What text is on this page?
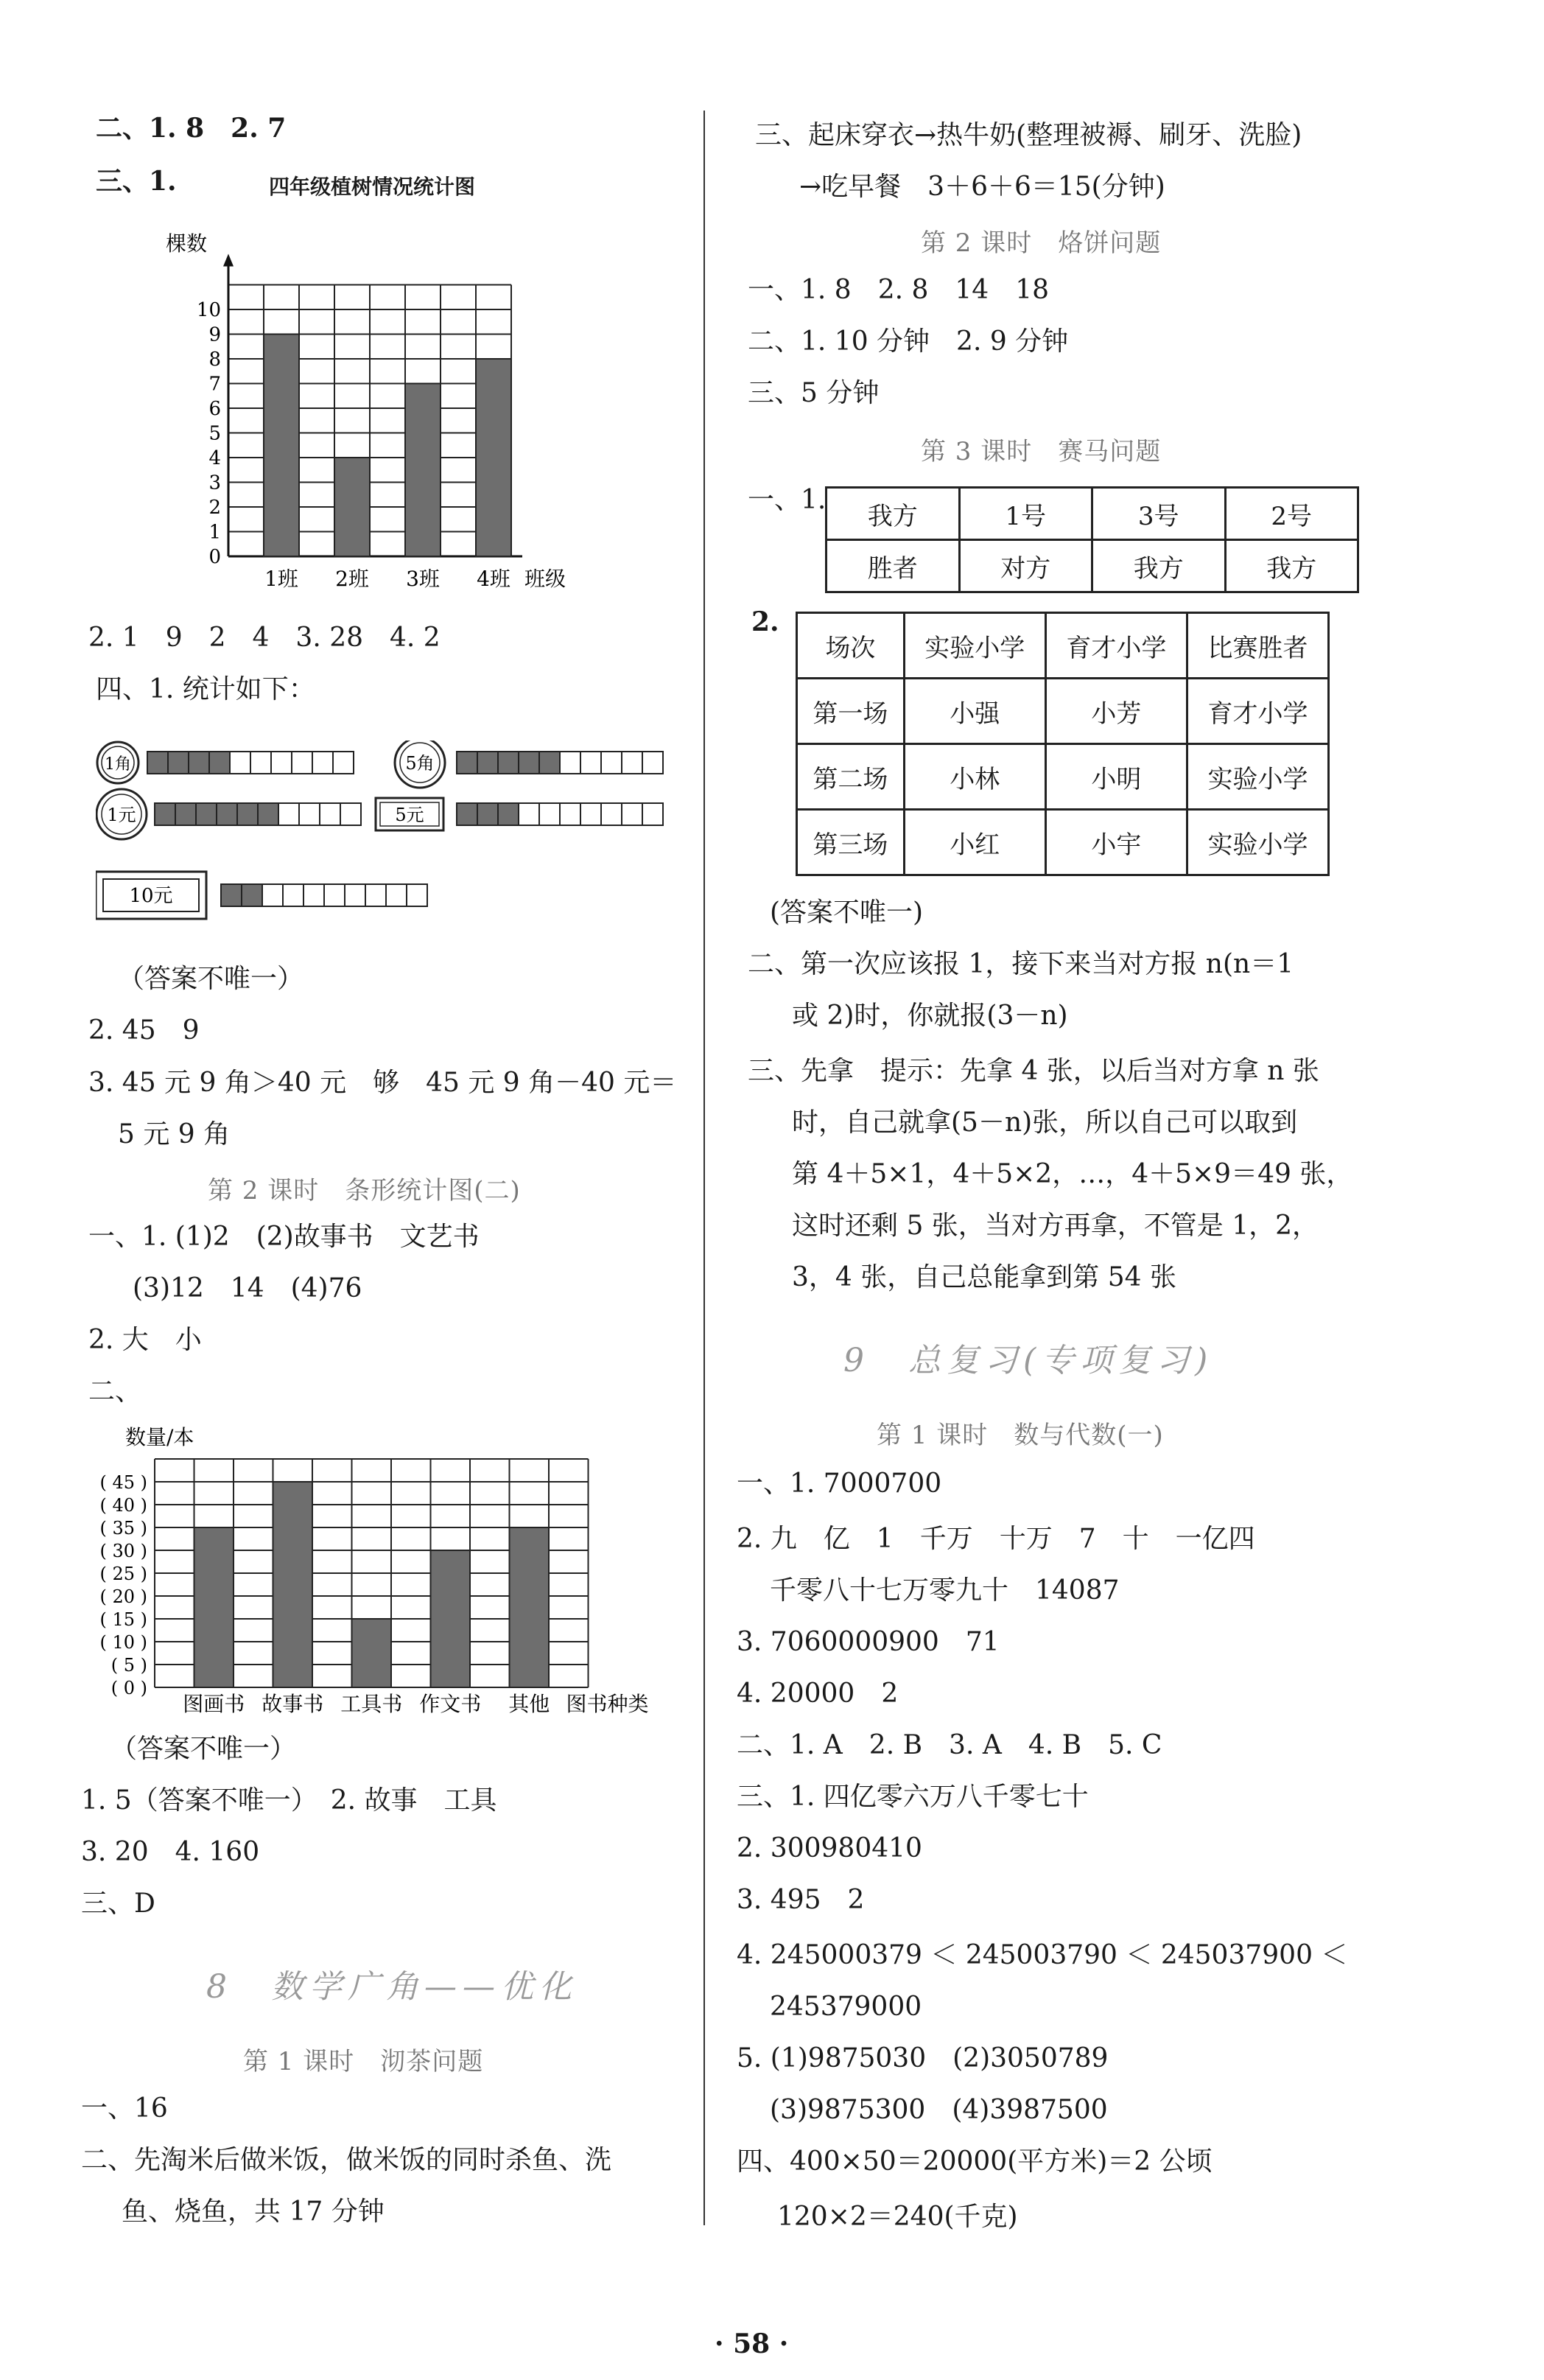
二、1. 8　2. 7
三、1.	四年级植树情况统计图
0
1
2
3
4
5
6
7
8
9
10
棵数
1班 2班 3班 4班 班级
2. 1　9　2　4　3. 28　4. 2
四、1. 统计如下：
1角	5角
1元	5元
10元
（答案不唯一）
2. 45　9
3. 45 元 9 角＞40 元　够　45 元 9 角－40 元＝
5 元 9 角
第 2 课时　条形统计图(二)
一、1. (1)2　(2)故事书　文艺书
(3)12　14　(4)76
2. 大　小
二、
数量/本
( 0 )
( 5 )
( 10 )
( 15 )
( 20 )
( 25 )
( 30 )
( 35 )
( 40 )
( 45 )
图画书 故事书 工具书 作文书 其他 图书种类
（答案不唯一）
1. 5（答案不唯一）　2. 故事　工具
3. 20　4. 160
三、D
8　数学广角——优化
第 1 课时　沏茶问题
一、16
二、先淘米后做米饭，做米饭的同时杀鱼、洗
鱼、烧鱼，共 17 分钟
三、起床穿衣→热牛奶(整理被褥、刷牙、洗脸)
→吃早餐　3＋6＋6＝15(分钟)
第 2 课时　烙饼问题
一、1. 8　2. 8　14　18
二、1. 10 分钟　2. 9 分钟
三、5 分钟
第 3 课时　赛马问题
一、1.
我方	1号	3号	2号
胜者	对方	我方	我方
2.
场次	实验小学	育才小学	比赛胜者
第一场	小强	小芳	育才小学
第二场	小林	小明	实验小学
第三场	小红	小宇	实验小学
(答案不唯一)
二、第一次应该报 1，接下来当对方报 n(n＝1
或 2)时，你就报(3－n)
三、先拿　提示：先拿 4 张，以后当对方拿 n 张
时，自己就拿(5－n)张，所以自己可以取到
第 4＋5×1，4＋5×2，…，4＋5×9＝49 张，
这时还剩 5 张，当对方再拿，不管是 1，2，
3，4 张，自己总能拿到第 54 张
9　总复习(专项复习)
第 1 课时　数与代数(一)
一、1. 7000700
2. 九　亿　1　千万　十万　7　十　一亿四
千零八十七万零九十　14087
3. 7060000900　71
4. 20000　2
二、1. A　2. B　3. A　4. B　5. C
三、1. 四亿零六万八千零七十
2. 300980410
3. 495　2
4. 245000379 ＜ 245003790 ＜ 245037900 ＜
245379000
5. (1)9875030　(2)3050789
(3)9875300　(4)3987500
四、400×50＝20000(平方米)＝2 公顷
120×2＝240(千克)
· 58 ·
